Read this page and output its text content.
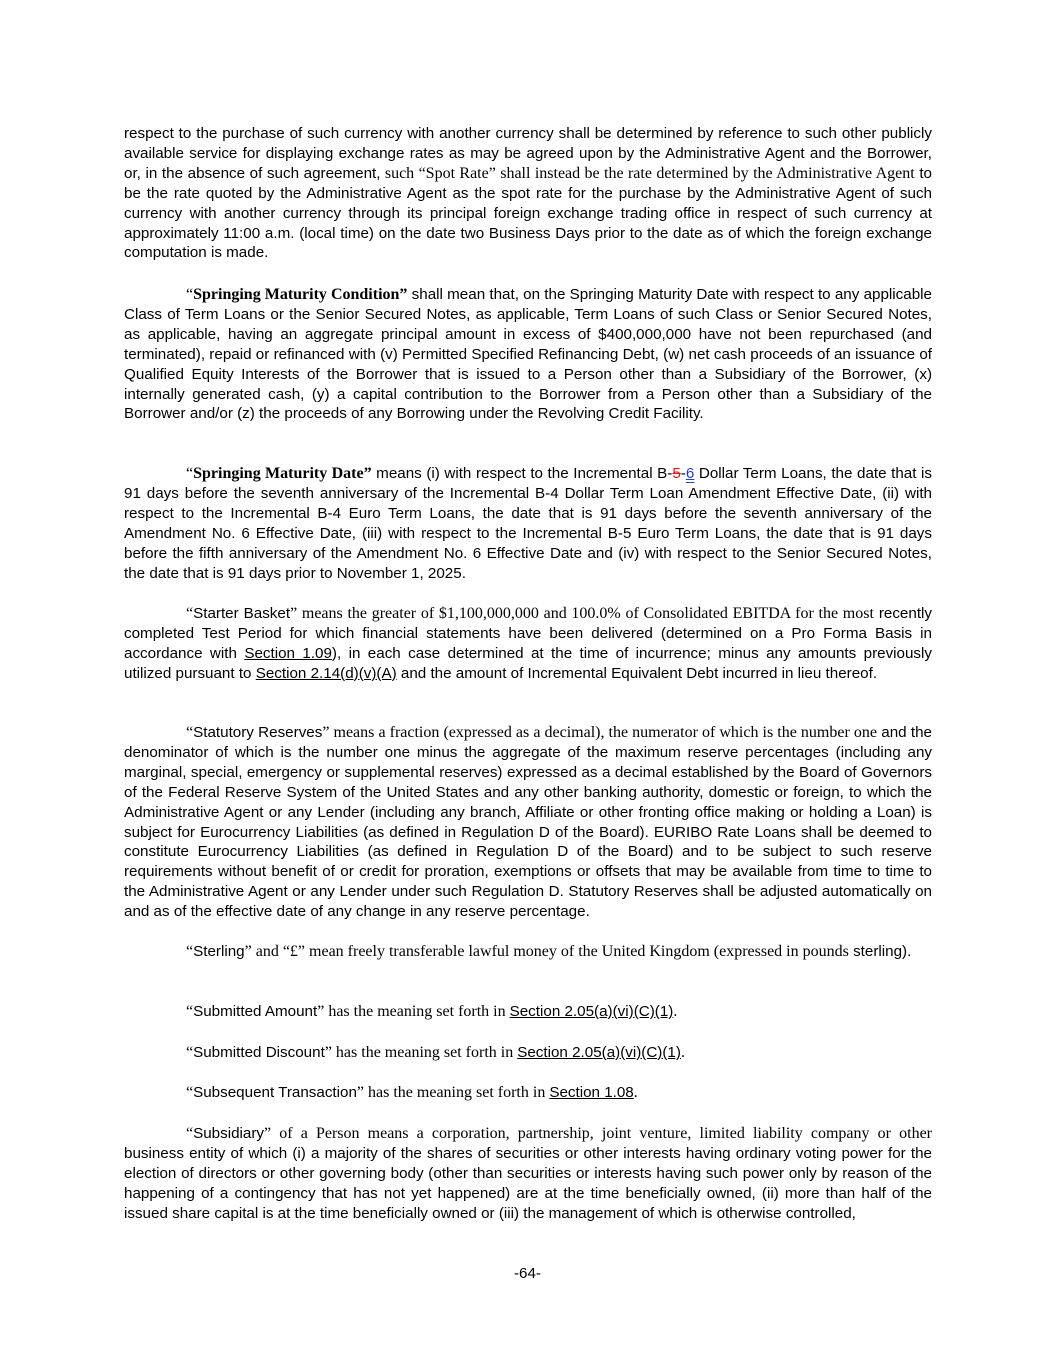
respect to the purchase of such currency with another currency shall be determined by reference to such other publicly available service for displaying exchange rates as may be agreed upon by the Administrative Agent and the Borrower, or, in the absence of such agreement, such “Spot Rate” shall instead be the rate determined by the Administrative Agent to be the rate quoted by the Administrative Agent as the spot rate for the purchase by the Administrative Agent of such currency with another currency through its principal foreign exchange trading office in respect of such currency at approximately 11:00 a.m. (local time) on the date two Business Days prior to the date as of which the foreign exchange computation is made.

“Springing Maturity Condition” shall mean that, on the Springing Maturity Date with respect to any applicable Class of Term Loans or the Senior Secured Notes, as applicable, Term Loans of such Class or Senior Secured Notes, as applicable, having an aggregate principal amount in excess of $400,000,000 have not been repurchased (and terminated), repaid or refinanced with (v) Permitted Specified Refinancing Debt, (w) net cash proceeds of an issuance of Qualified Equity Interests of the Borrower that is issued to a Person other than a Subsidiary of the Borrower, (x) internally generated cash, (y) a capital contribution to the Borrower from a Person other than a Subsidiary of the Borrower and/or (z) the proceeds of any Borrowing under the Revolving Credit Facility.

“Springing Maturity Date” means (i) with respect to the Incremental B-5-6 Dollar Term Loans, the date that is 91 days before the seventh anniversary of the Incremental B-4 Dollar Term Loan Amendment Effective Date, (ii) with respect to the Incremental B-4 Euro Term Loans, the date that is 91 days before the seventh anniversary of the Amendment No. 6 Effective Date, (iii) with respect to the Incremental B-5 Euro Term Loans, the date that is 91 days before the fifth anniversary of the Amendment No. 6 Effective Date and (iv) with respect to the Senior Secured Notes, the date that is 91 days prior to November 1, 2025.

“Starter Basket” means the greater of $1,100,000,000 and 100.0% of Consolidated EBITDA for the most recently completed Test Period for which financial statements have been delivered (determined on a Pro Forma Basis in accordance with Section 1.09), in each case determined at the time of incurrence; minus any amounts previously utilized pursuant to Section 2.14(d)(v)(A) and the amount of Incremental Equivalent Debt incurred in lieu thereof.

“Statutory Reserves” means a fraction (expressed as a decimal), the numerator of which is the number one and the denominator of which is the number one minus the aggregate of the maximum reserve percentages (including any marginal, special, emergency or supplemental reserves) expressed as a decimal established by the Board of Governors of the Federal Reserve System of the United States and any other banking authority, domestic or foreign, to which the Administrative Agent or any Lender (including any branch, Affiliate or other fronting office making or holding a Loan) is subject for Eurocurrency Liabilities (as defined in Regulation D of the Board). EURIBO Rate Loans shall be deemed to constitute Eurocurrency Liabilities (as defined in Regulation D of the Board) and to be subject to such reserve requirements without benefit of or credit for proration, exemptions or offsets that may be available from time to time to the Administrative Agent or any Lender under such Regulation D. Statutory Reserves shall be adjusted automatically on and as of the effective date of any change in any reserve percentage.

“Sterling” and “£” mean freely transferable lawful money of the United Kingdom (expressed in pounds sterling).

“Submitted Amount” has the meaning set forth in Section 2.05(a)(vi)(C)(1).

“Submitted Discount” has the meaning set forth in Section 2.05(a)(vi)(C)(1).

“Subsequent Transaction” has the meaning set forth in Section 1.08.

“Subsidiary” of a Person means a corporation, partnership, joint venture, limited liability company or other business entity of which (i) a majority of the shares of securities or other interests having ordinary voting power for the election of directors or other governing body (other than securities or interests having such power only by reason of the happening of a contingency that has not yet happened) are at the time beneficially owned, (ii) more than half of the issued share capital is at the time beneficially owned or (iii) the management of which is otherwise controlled,

-64-
